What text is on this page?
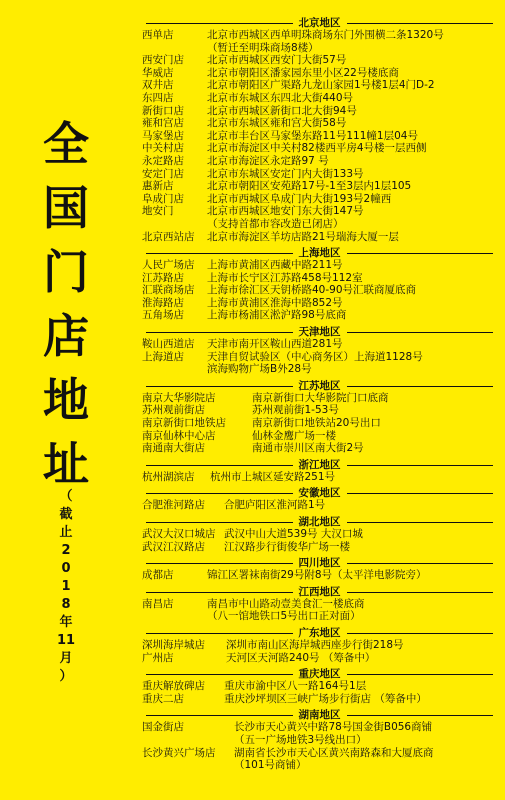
全
国
门
店
地
址
（
截
止
2
0
1
8
年
11
月
）
北京地区
西单店	北京市西城区西单明珠商场东门外围横二条1320号
（暂迁至明珠商场8楼）
西安门店	北京市西城区西安门大街57号
华威店	北京市朝阳区潘家园东里小区22号楼底商
双井店	北京市朝阳区广渠路九龙山家园1号楼1层4门D-2
东四店	北京市东城区东四北大街440号
新街口店	北京市西城区新街口北大街94号
雍和宫店	北京市东城区雍和宫大街58号
马家堡店	北京市丰台区马家堡东路11号111幢1层04号
中关村店	北京市海淀区中关村82楼西平房4号楼一层西侧
永定路店	北京市海淀区永定路97 号
安定门店	北京市东城区安定门内大街133号
惠新店	北京市朝阳区安苑路17号-1至3层内1层105
阜成门店	北京市西城区阜成门内大街193号2幢西
地安门	北京市西城区地安门东大街147号
（支持首都市容改造已闭店）
北京西站店	北京市海淀区羊坊店路21号瑞海大厦一层
上海地区
人民广场店	上海市黄浦区西藏中路211号
江苏路店	上海市长宁区江苏路458号112室
汇联商场店	上海市徐汇区天钥桥路40-90号汇联商厦底商
淮海路店	上海市黄浦区淮海中路852号
五角场店	上海市杨浦区淞沪路98号底商
天津地区
鞍山西道店	天津市南开区鞍山西道281号
上海道店	天津自贸试验区（中心商务区）上海道1128号
滨海购物广场B外28号
江苏地区
南京大华影院店	南京新街口大华影院门口底商
苏州观前街店	苏州观前街1-53号
南京新街口地铁店	南京新街口地铁站20号出口
南京仙林中心店	仙林金鹰广场一楼
南通南大街店	南通市崇川区南大街2号
浙江地区
杭州湖滨店	杭州市上城区延安路251号
安徽地区
合肥淮河路店	合肥庐阳区淮河路1号
湖北地区
武汉大汉口城店 武汉中山大道539号 大汉口城
武汉江汉路店	江汉路步行街俊华广场一楼
四川地区
成都店	锦江区署袜南街29号附8号（太平洋电影院旁）
江西地区
南昌店	南昌市中山路动壹美食汇一楼底商
（八一馆地铁口5号出口正对面）
广东地区
深圳海岸城店	深圳市南山区海岸城西座步行街218号
广州店	天河区天河路240号 （筹备中）
重庆地区
重庆解放碑店	重庆市渝中区八一路164号1层
重庆二店	重庆沙坪坝区三峡广场步行街店 （筹备中）
湖南地区
国金街店	长沙市天心黄兴中路78号国金街B056商铺
（五一广场地铁3号线出口）
长沙黄兴广场店	湖南省长沙市天心区黄兴南路森和大厦底商
（101号商铺）
